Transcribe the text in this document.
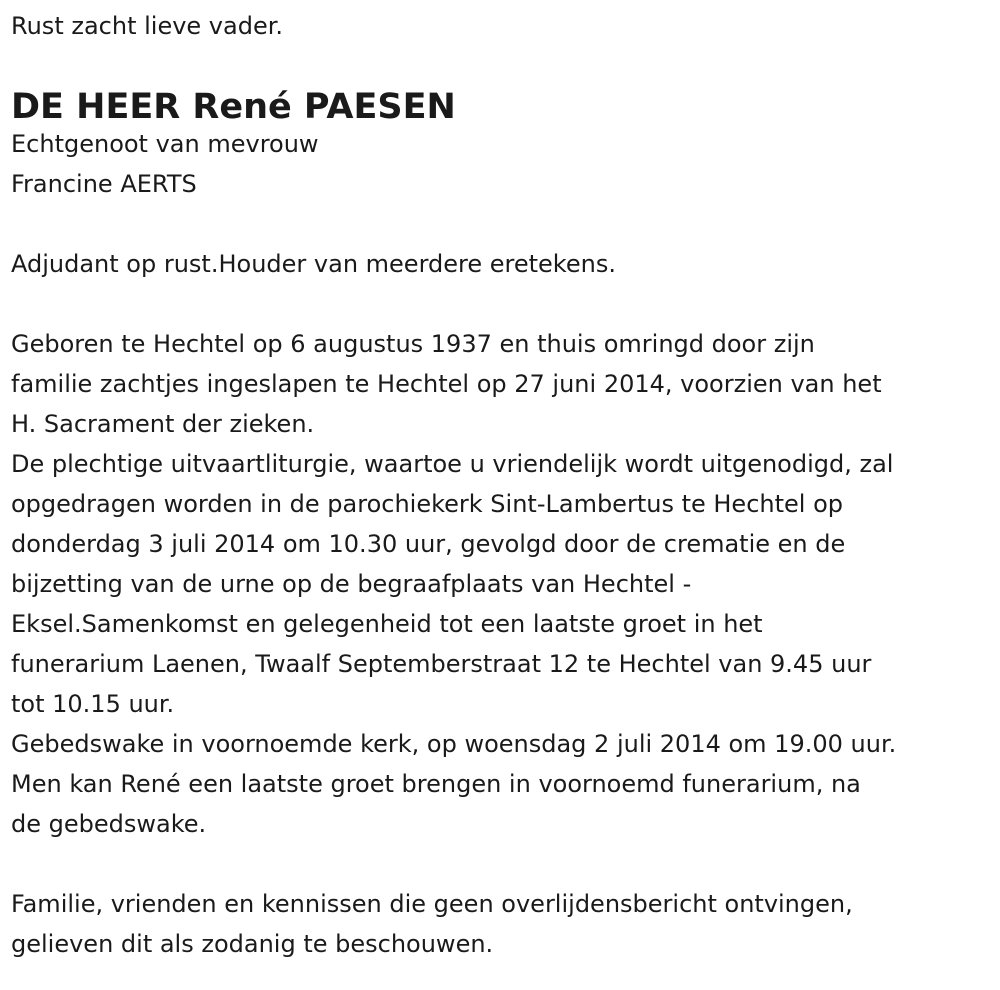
Rust zacht lieve vader.

DE HEER René PAESEN

Echtgenoot van mevrouw

Francine AERTS

Adjudant op rust.Houder van meerdere eretekens.

Geboren te Hechtel op 6 augustus 1937 en thuis omringd door zijn

familie zachtjes ingeslapen te Hechtel op 27 juni 2014, voorzien van het

H. Sacrament der zieken.

De plechtige uitvaartliturgie, waartoe u vriendelijk wordt uitgenodigd, zal

opgedragen worden in de parochiekerk Sint-Lambertus te Hechtel op

donderdag 3 juli 2014 om 10.30 uur, gevolgd door de crematie en de

bijzetting van de urne op de begraafplaats van Hechtel -

Eksel.Samenkomst en gelegenheid tot een laatste groet in het

funerarium Laenen, Twaalf Septemberstraat 12 te Hechtel van 9.45 uur

tot 10.15 uur.

Gebedswake in voornoemde kerk, op woensdag 2 juli 2014 om 19.00 uur.

Men kan René een laatste groet brengen in voornoemd funerarium, na

de gebedswake.

Familie, vrienden en kennissen die geen overlijdensbericht ontvingen,

gelieven dit als zodanig te beschouwen.
